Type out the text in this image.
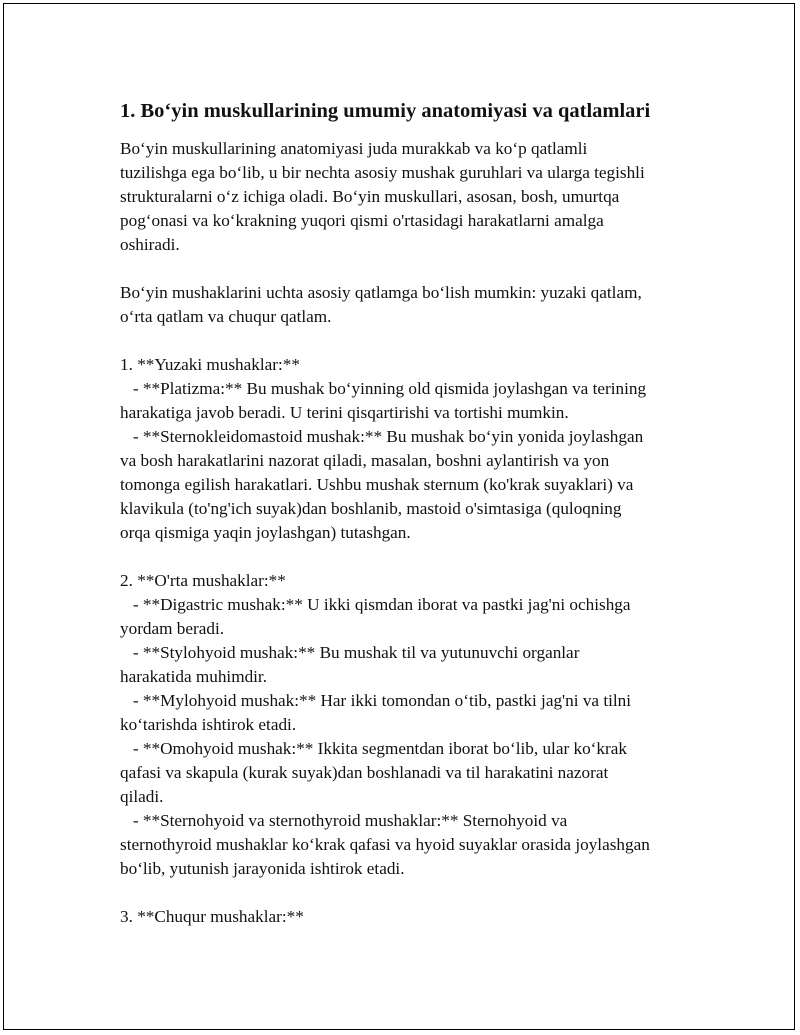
1. Bo‘yin muskullarining umumiy anatomiyasi va qatlamlari

Bo‘yin muskullarining anatomiyasi juda murakkab va ko‘p qatlamli
tuzilishga ega bo‘lib, u bir nechta asosiy mushak guruhlari va ularga tegishli
strukturalarni o‘z ichiga oladi. Bo‘yin muskullari, asosan, bosh, umurtqa
pog‘onasi va ko‘krakning yuqori qismi o'rtasidagi harakatlarni amalga
oshiradi.

Bo‘yin mushaklarini uchta asosiy qatlamga bo‘lish mumkin: yuzaki qatlam,
o‘rta qatlam va chuqur qatlam.

1. **Yuzaki mushaklar:**
- **Platizma:** Bu mushak bo‘yinning old qismida joylashgan va terining
harakatiga javob beradi. U terini qisqartirishi va tortishi mumkin.
- **Sternokleidomastoid mushak:** Bu mushak bo‘yin yonida joylashgan
va bosh harakatlarini nazorat qiladi, masalan, boshni aylantirish va yon
tomonga egilish harakatlari. Ushbu mushak sternum (ko'krak suyaklari) va
klavikula (to'ng'ich suyak)dan boshlanib, mastoid o'simtasiga (quloqning
orqa qismiga yaqin joylashgan) tutashgan.

2. **O'rta mushaklar:**
- **Digastric mushak:** U ikki qismdan iborat va pastki jag'ni ochishga
yordam beradi.
- **Stylohyoid mushak:** Bu mushak til va yutunuvchi organlar
harakatida muhimdir.
- **Mylohyoid mushak:** Har ikki tomondan o‘tib, pastki jag'ni va tilni
ko‘tarishda ishtirok etadi.
- **Omohyoid mushak:** Ikkita segmentdan iborat bo‘lib, ular ko‘krak
qafasi va skapula (kurak suyak)dan boshlanadi va til harakatini nazorat
qiladi.
- **Sternohyoid va sternothyroid mushaklar:** Sternohyoid va
sternothyroid mushaklar ko‘krak qafasi va hyoid suyaklar orasida joylashgan
bo‘lib, yutunish jarayonida ishtirok etadi.

3. **Chuqur mushaklar:**
